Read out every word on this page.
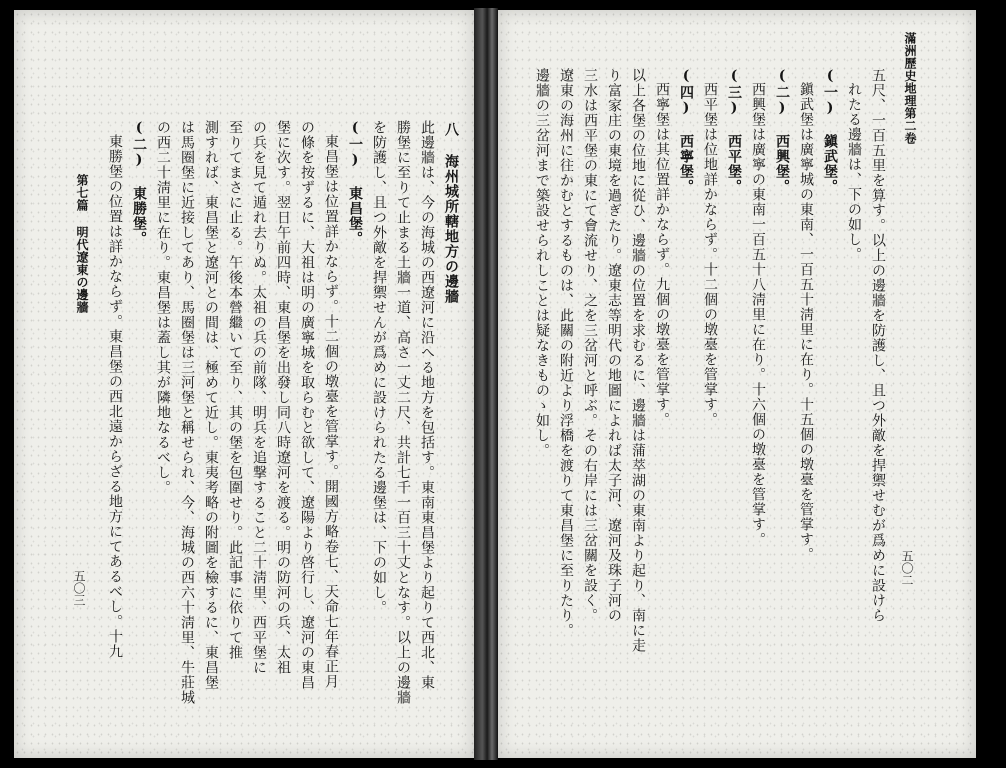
滿洲歷史地理第二卷
五〇二
五尺、一百五里を算す。以上の邊牆を防護し、且つ外敵を捍禦せむが爲めに設けら
れたる邊牆は、下の如し。
(一) 鎭武堡。
鎭武堡は廣寧城の東南、一百五十淸里に在り。十五個の墩臺を管掌す。
(二) 西興堡。
西興堡は廣寧の東南一百五十八淸里に在り。十六個の墩臺を管掌す。
(三) 西平堡。
西平堡は位地詳かならず。十二個の墩臺を管掌す。
(四) 西寧堡。
西寧堡は其位置詳かならず。九個の墩臺を管掌す。
以上各堡の位地に從ひ、邊牆の位置を求むるに、邊牆は蒲萃湖の東南より起り、南に走
り富家庄の東境を過ぎたり。遼東志等明代の地圖によれば太子河、遼河及珠子河の
三水は西平堡の東にて會流せり、之を三岔河と呼ぶ。その右岸には三岔關を設く。
遼東の海州に往かむとするものは、此關の附近より浮橋を渡りて東昌堡に至りたり。
邊牆の三岔河まで築設せられしことは疑なきものゝ如し。
八 海州城所轄地方の邊牆
此邊牆は、今の海城の西遼河に沿へる地方を包括す。東南東昌堡より起りて西北、東
勝堡に至りて止まる土牆一道、高さ一丈二尺、共計七千一百三十丈となす。以上の邊牆
を防護し、且つ外敵を捍禦せんが爲めに設けられたる邊堡は、下の如し。
(一) 東昌堡。
東昌堡は位置詳かならず。十二個の墩臺を管掌す。開國方略卷七、天命七年春正月
の條を按ずるに、大祖は明の廣寧城を取らむと欲して、遼陽より啓行し、遼河の東昌
堡に次す。翌日午前四時、東昌堡を出發し同八時遼河を渡る。明の防河の兵、太祖
の兵を見て遁れ去りぬ。太祖の兵の前隊、明兵を追撃すること二十淸里、西平堡に
至りてまさに止る。午後本營繼いて至り、其の堡を包圍せり。此記事に依りて推
測すれば、東昌堡と遼河との間は、極めて近し。東夷考略の附圖を檢するに、東昌堡
は馬圈堡に近接してあり、馬圈堡は三河堡と稱せられ、今、海城の西六十淸里、牛莊城
の西二十淸里に在り。東昌堡は蓋し其が隣地なるべし。
(二) 東勝堡。
東勝堡の位置は詳かならず。東昌堡の西北遠からざる地方にてあるべし。十九
第七篇 明代遼東の邊牆
五〇三
